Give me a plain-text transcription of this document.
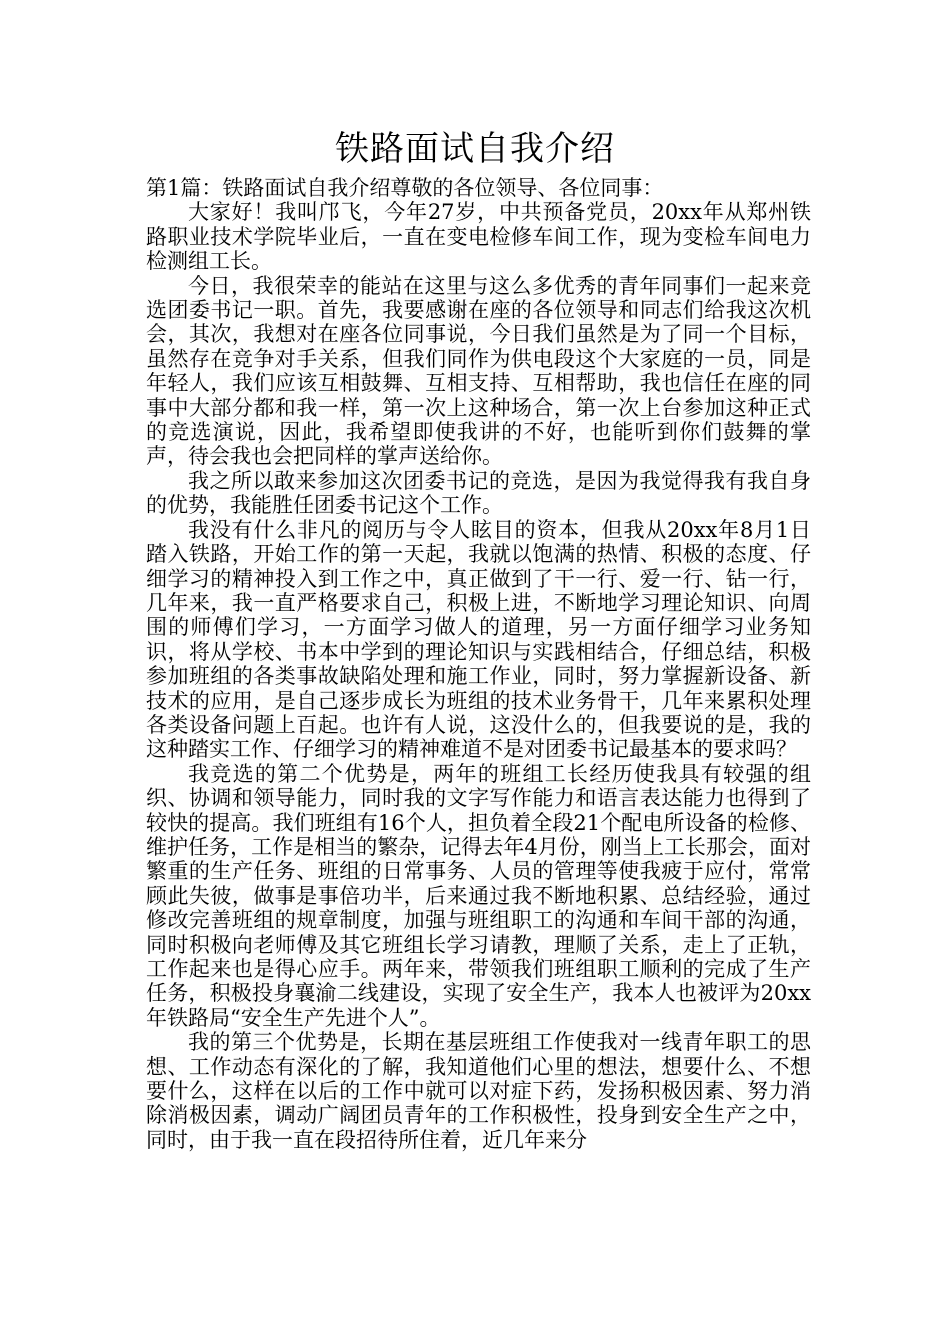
铁路面试自我介绍

第1篇：铁路面试自我介绍尊敬的各位领导、各位同事：

大家好！我叫邝飞，今年27岁，中共预备党员，20xx年从郑州铁路职业技术学院毕业后，一直在变电检修车间工作，现为变检车间电力检测组工长。

今日，我很荣幸的能站在这里与这么多优秀的青年同事们一起来竞选团委书记一职。首先，我要感谢在座的各位领导和同志们给我这次机会，其次，我想对在座各位同事说，今日我们虽然是为了同一个目标，虽然存在竞争对手关系，但我们同作为供电段这个大家庭的一员，同是年轻人，我们应该互相鼓舞、互相支持、互相帮助，我也信任在座的同事中大部分都和我一样，第一次上这种场合，第一次上台参加这种正式的竞选演说，因此，我希望即使我讲的不好，也能听到你们鼓舞的掌声，待会我也会把同样的掌声送给你。

我之所以敢来参加这次团委书记的竞选，是因为我觉得我有我自身的优势，我能胜任团委书记这个工作。

我没有什么非凡的阅历与令人眩目的资本，但我从20xx年8月1日踏入铁路，开始工作的第一天起，我就以饱满的热情、积极的态度、仔细学习的精神投入到工作之中，真正做到了干一行、爱一行、钻一行，几年来，我一直严格要求自己，积极上进，不断地学习理论知识、向周围的师傅们学习，一方面学习做人的道理，另一方面仔细学习业务知识，将从学校、书本中学到的理论知识与实践相结合，仔细总结，积极参加班组的各类事故缺陷处理和施工作业，同时，努力掌握新设备、新技术的应用，是自己逐步成长为班组的技术业务骨干，几年来累积处理各类设备问题上百起。也许有人说，这没什么的，但我要说的是，我的这种踏实工作、仔细学习的精神难道不是对团委书记最基本的要求吗？

我竞选的第二个优势是，两年的班组工长经历使我具有较强的组织、协调和领导能力，同时我的文字写作能力和语言表达能力也得到了较快的提高。我们班组有16个人，担负着全段21个配电所设备的检修、维护任务，工作是相当的繁杂，记得去年4月份，刚当上工长那会，面对繁重的生产任务、班组的日常事务、人员的管理等使我疲于应付，常常顾此失彼，做事是事倍功半，后来通过我不断地积累、总结经验，通过修改完善班组的规章制度，加强与班组职工的沟通和车间干部的沟通，同时积极向老师傅及其它班组长学习请教，理顺了关系，走上了正轨，工作起来也是得心应手。两年来，带领我们班组职工顺利的完成了生产任务，积极投身襄渝二线建设，实现了安全生产，我本人也被评为20xx年铁路局“安全生产先进个人”。

我的第三个优势是，长期在基层班组工作使我对一线青年职工的思想、工作动态有深化的了解，我知道他们心里的想法，想要什么、不想要什么，这样在以后的工作中就可以对症下药，发扬积极因素、努力消除消极因素，调动广阔团员青年的工作积极性，投身到安全生产之中，同时，由于我一直在段招待所住着，近几年来分
